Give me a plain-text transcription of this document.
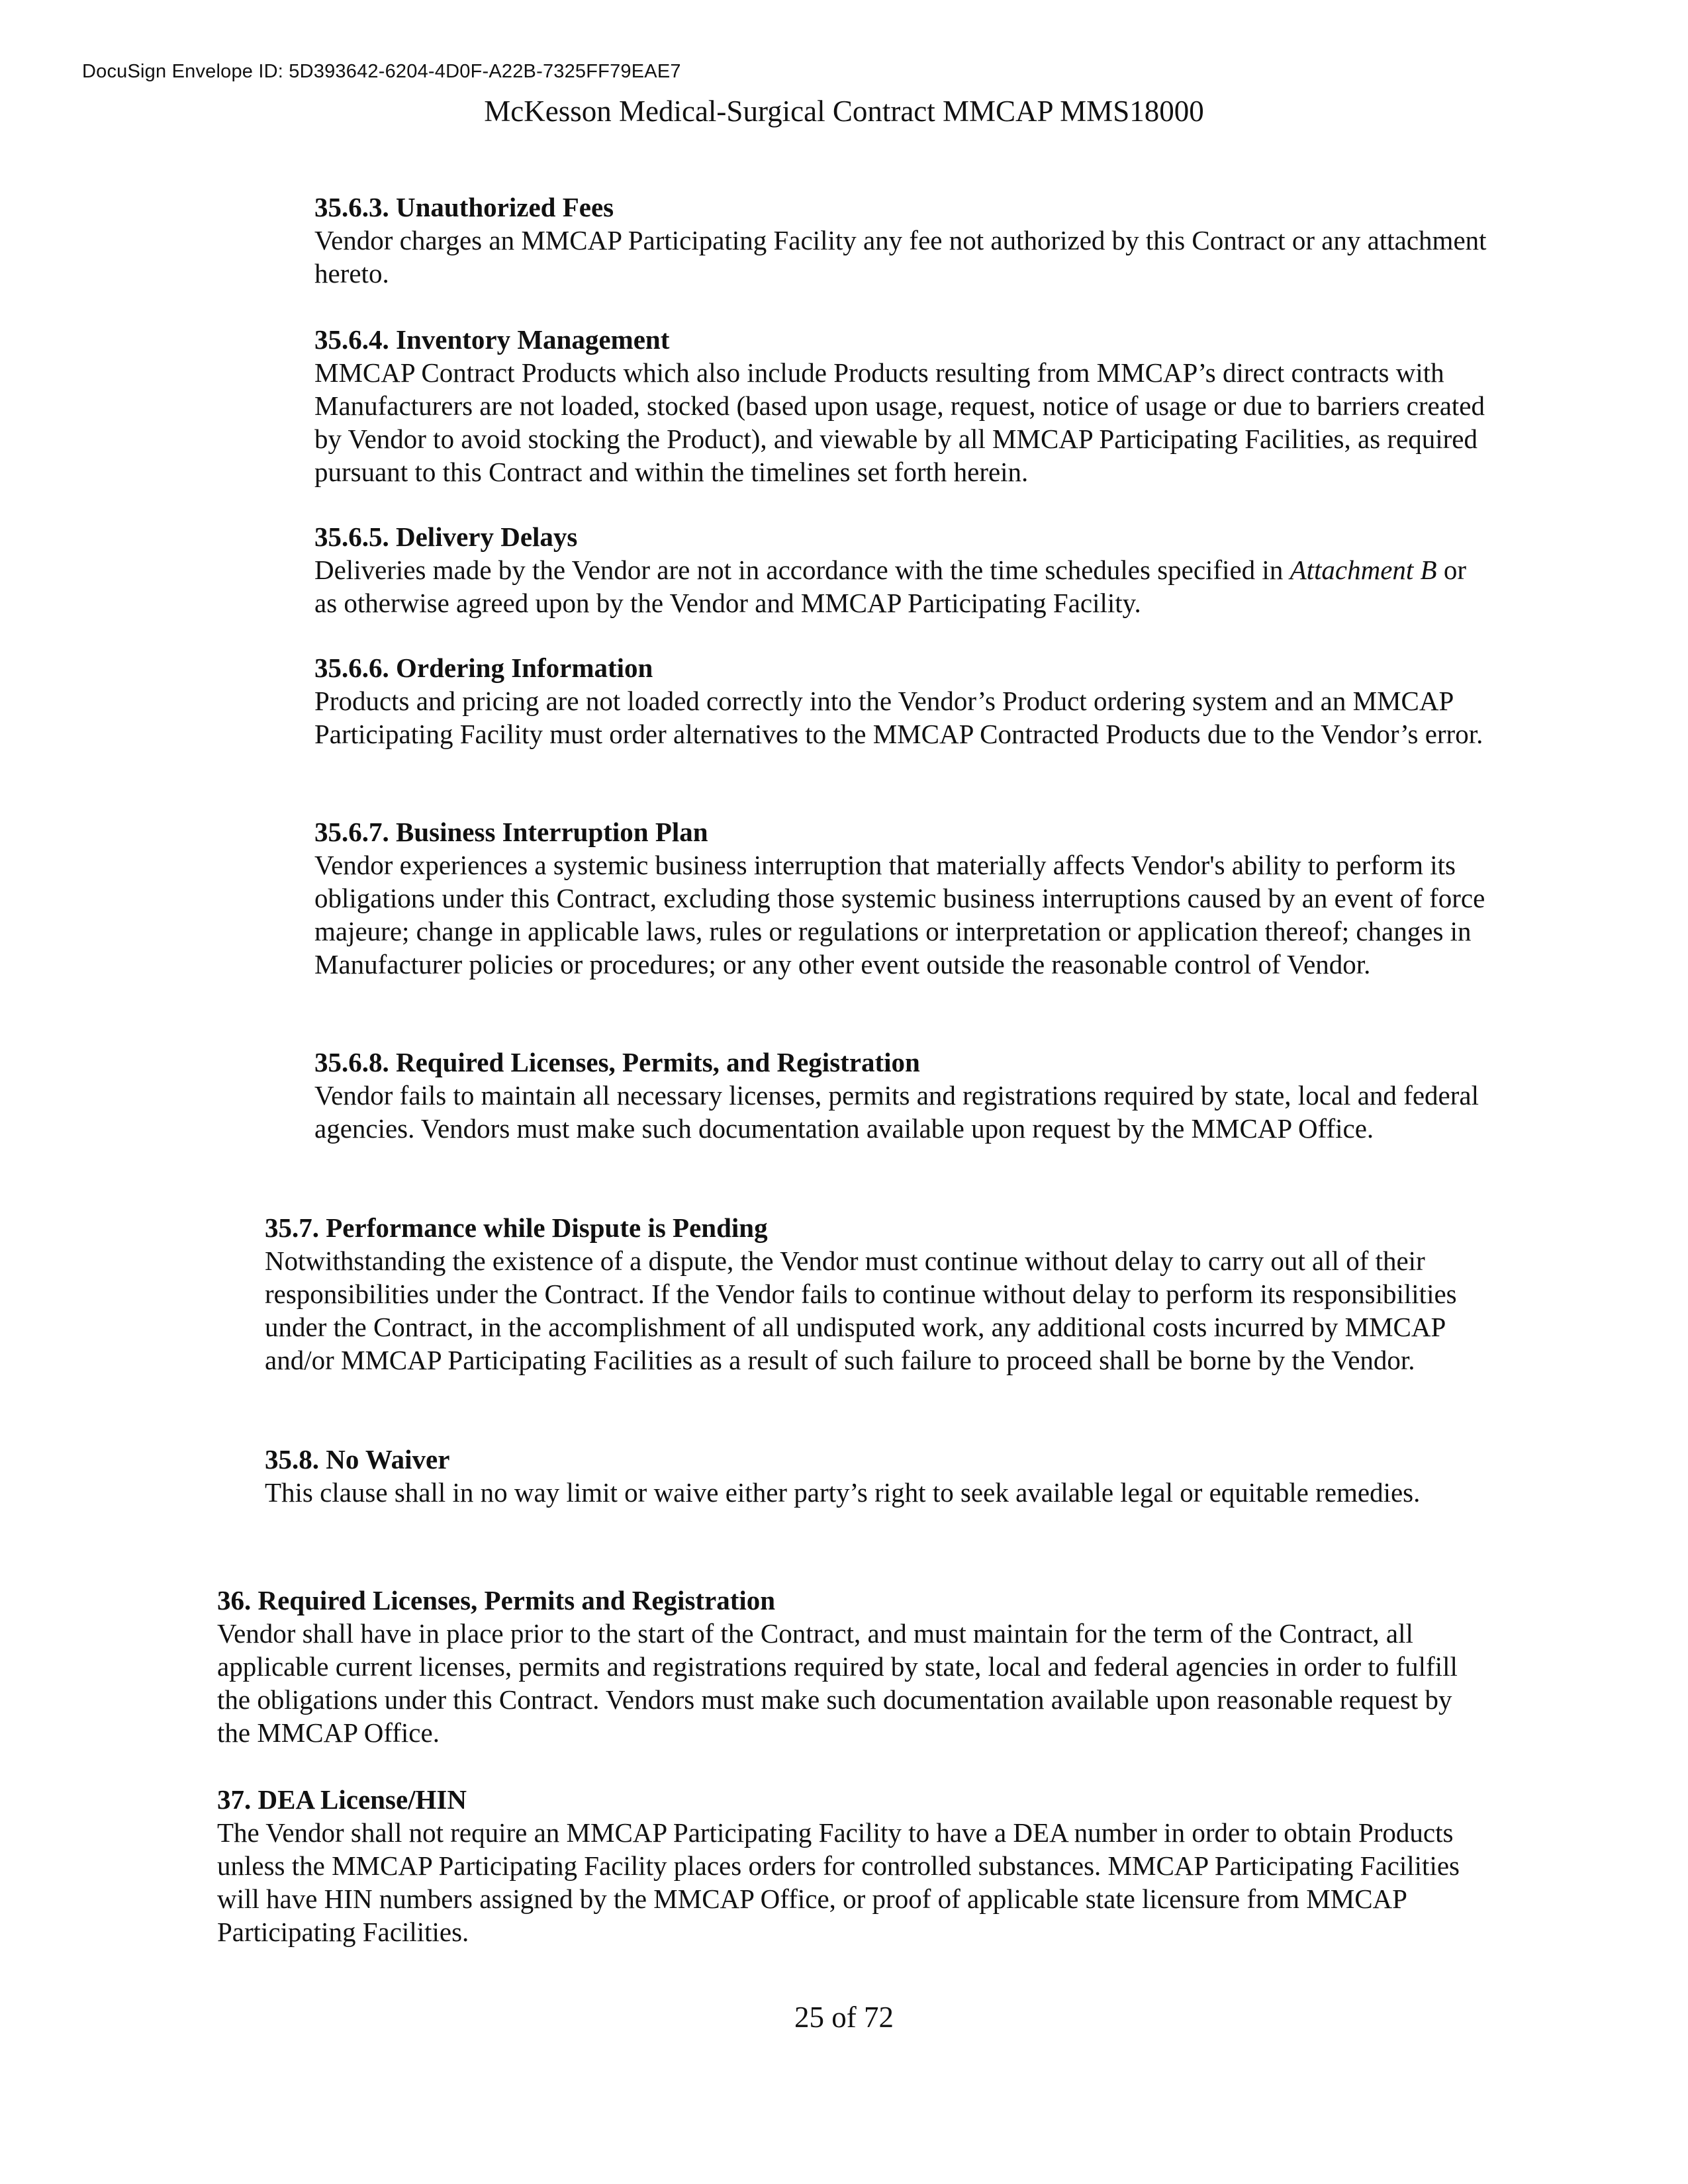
DocuSign Envelope ID: 5D393642-6204-4D0F-A22B-7325FF79EAE7
McKesson Medical-Surgical Contract MMCAP MMS18000

35.6.3. Unauthorized Fees

Vendor charges an MMCAP Participating Facility any fee not authorized by this Contract or any attachment hereto.

35.6.4. Inventory Management

MMCAP Contract Products which also include Products resulting from MMCAP’s direct contracts with Manufacturers are not loaded, stocked (based upon usage, request, notice of usage or due to barriers created by Vendor to avoid stocking the Product), and viewable by all MMCAP Participating Facilities, as required pursuant to this Contract and within the timelines set forth herein.

35.6.5. Delivery Delays

Deliveries made by the Vendor are not in accordance with the time schedules specified in Attachment B or as otherwise agreed upon by the Vendor and MMCAP Participating Facility.

35.6.6. Ordering Information

Products and pricing are not loaded correctly into the Vendor’s Product ordering system and an MMCAP Participating Facility must order alternatives to the MMCAP Contracted Products due to the Vendor’s error.

35.6.7. Business Interruption Plan

Vendor experiences a systemic business interruption that materially affects Vendor's ability to perform its obligations under this Contract, excluding those systemic business interruptions caused by an event of force majeure; change in applicable laws, rules or regulations or interpretation or application thereof; changes in Manufacturer policies or procedures; or any other event outside the reasonable control of Vendor.

35.6.8. Required Licenses, Permits, and Registration

Vendor fails to maintain all necessary licenses, permits and registrations required by state, local and federal agencies. Vendors must make such documentation available upon request by the MMCAP Office.

35.7. Performance while Dispute is Pending

Notwithstanding the existence of a dispute, the Vendor must continue without delay to carry out all of their responsibilities under the Contract. If the Vendor fails to continue without delay to perform its responsibilities under the Contract, in the accomplishment of all undisputed work, any additional costs incurred by MMCAP and/or MMCAP Participating Facilities as a result of such failure to proceed shall be borne by the Vendor.

35.8. No Waiver

This clause shall in no way limit or waive either party’s right to seek available legal or equitable remedies.

36. Required Licenses, Permits and Registration

Vendor shall have in place prior to the start of the Contract, and must maintain for the term of the Contract, all applicable current licenses, permits and registrations required by state, local and federal agencies in order to fulfill the obligations under this Contract. Vendors must make such documentation available upon reasonable request by the MMCAP Office.

37. DEA License/HIN

The Vendor shall not require an MMCAP Participating Facility to have a DEA number in order to obtain Products unless the MMCAP Participating Facility places orders for controlled substances. MMCAP Participating Facilities will have HIN numbers assigned by the MMCAP Office, or proof of applicable state licensure from MMCAP Participating Facilities.

25 of 72
